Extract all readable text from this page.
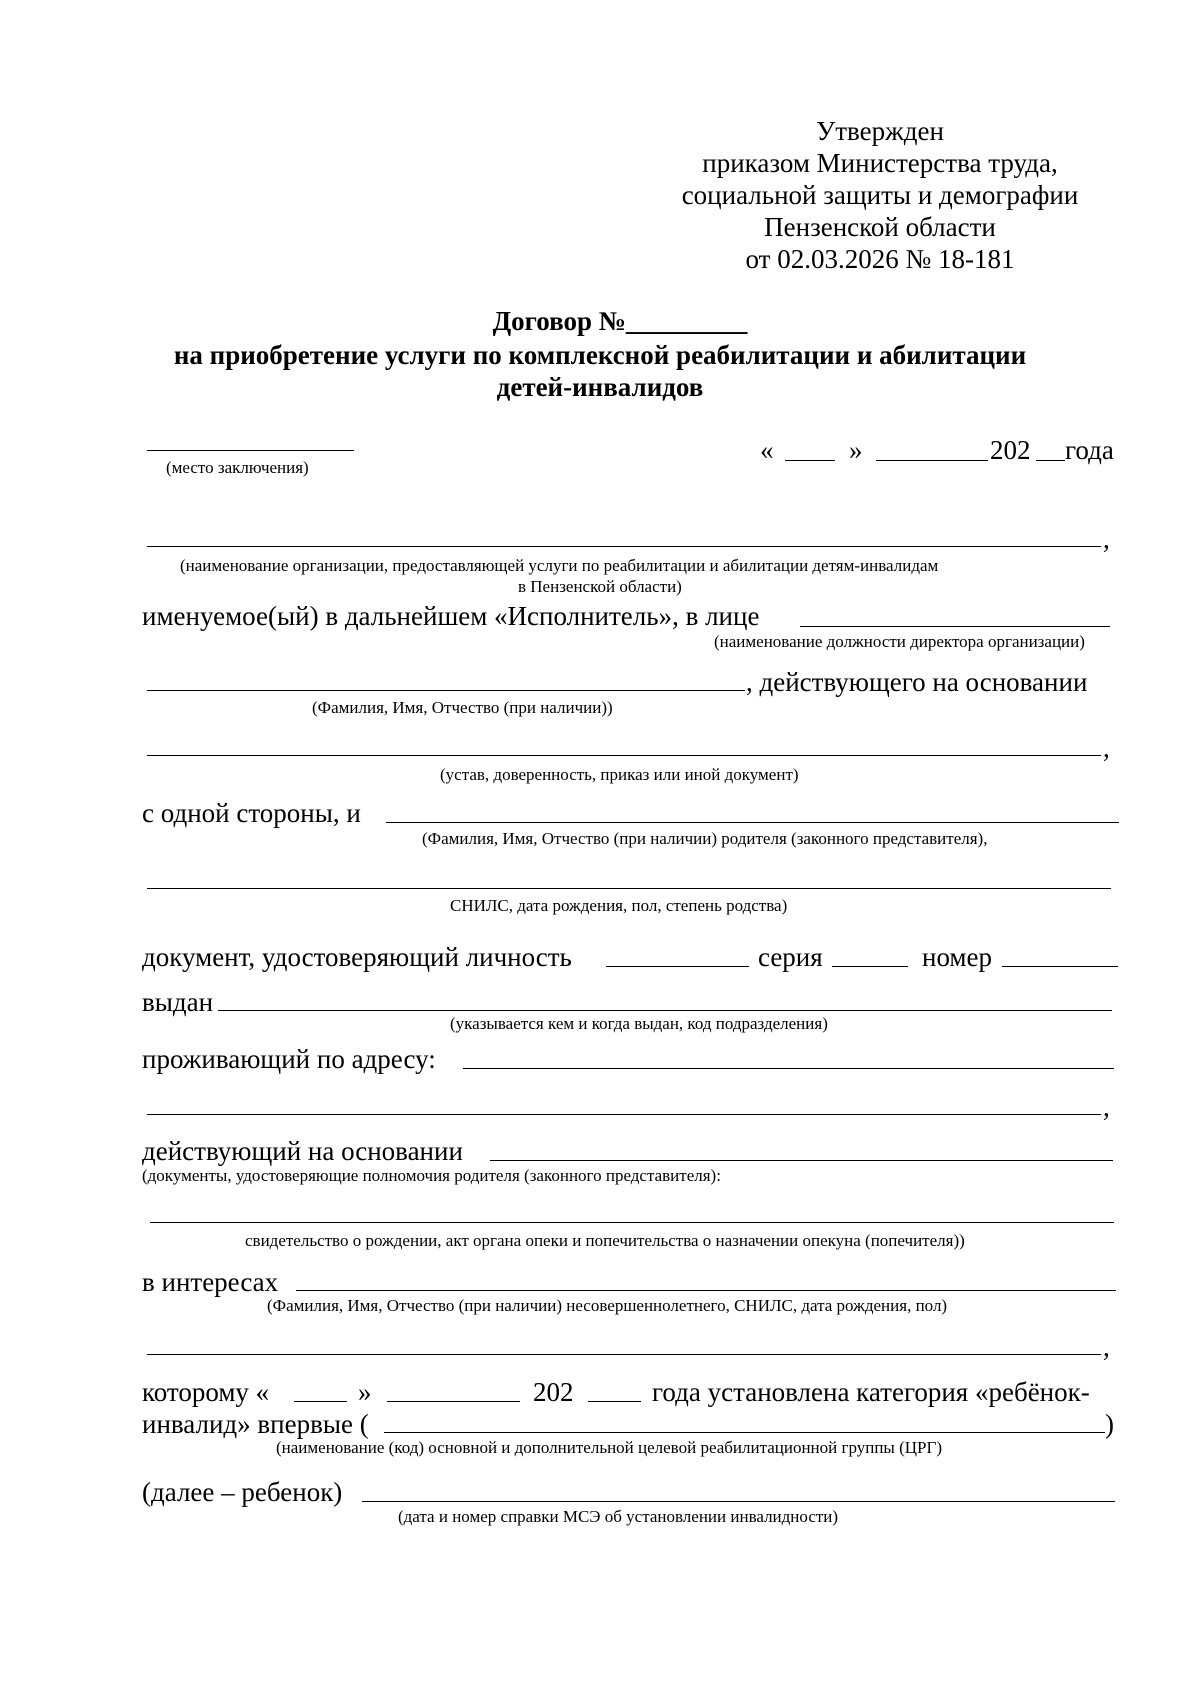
Утвержден
приказом Министерства труда,
социальной защиты и демографии
Пензенской области
от 02.03.2026 № 18-181
Договор №_________
на приобретение услуги по комплексной реабилитации и абилитации
детей-инвалидов
(место заключения)
«	»	202 года
,
(наименование организации, предоставляющей услуги по реабилитации и абилитации детям-инвалидам
в Пензенской области)
именуемое(ый) в дальнейшем «Исполнитель», в лице
(наименование должности директора организации)
, действующего на основании
(Фамилия, Имя, Отчество (при наличии))
,
(устав, доверенность, приказ или иной документ)
с одной стороны, и
(Фамилия, Имя, Отчество (при наличии) родителя (законного представителя),
СНИЛС, дата рождения, пол, степень родства)
документ, удостоверяющий личность	серия	номер
выдан
(указывается кем и когда выдан, код подразделения)
проживающий по адресу:
,
действующий на основании
(документы, удостоверяющие полномочия родителя (законного представителя):
свидетельство о рождении, акт органа опеки и попечительства о назначении опекуна (попечителя))
в интересах
(Фамилия, Имя, Отчество (при наличии) несовершеннолетнего, СНИЛС, дата рождения, пол)
,
которому «	»	202	года установлена категория «ребёнок-
инвалид» впервые (	)
(наименование (код) основной и дополнительной целевой реабилитационной группы (ЦРГ)
(далее – ребенок)
(дата и номер справки МСЭ об установлении инвалидности)
